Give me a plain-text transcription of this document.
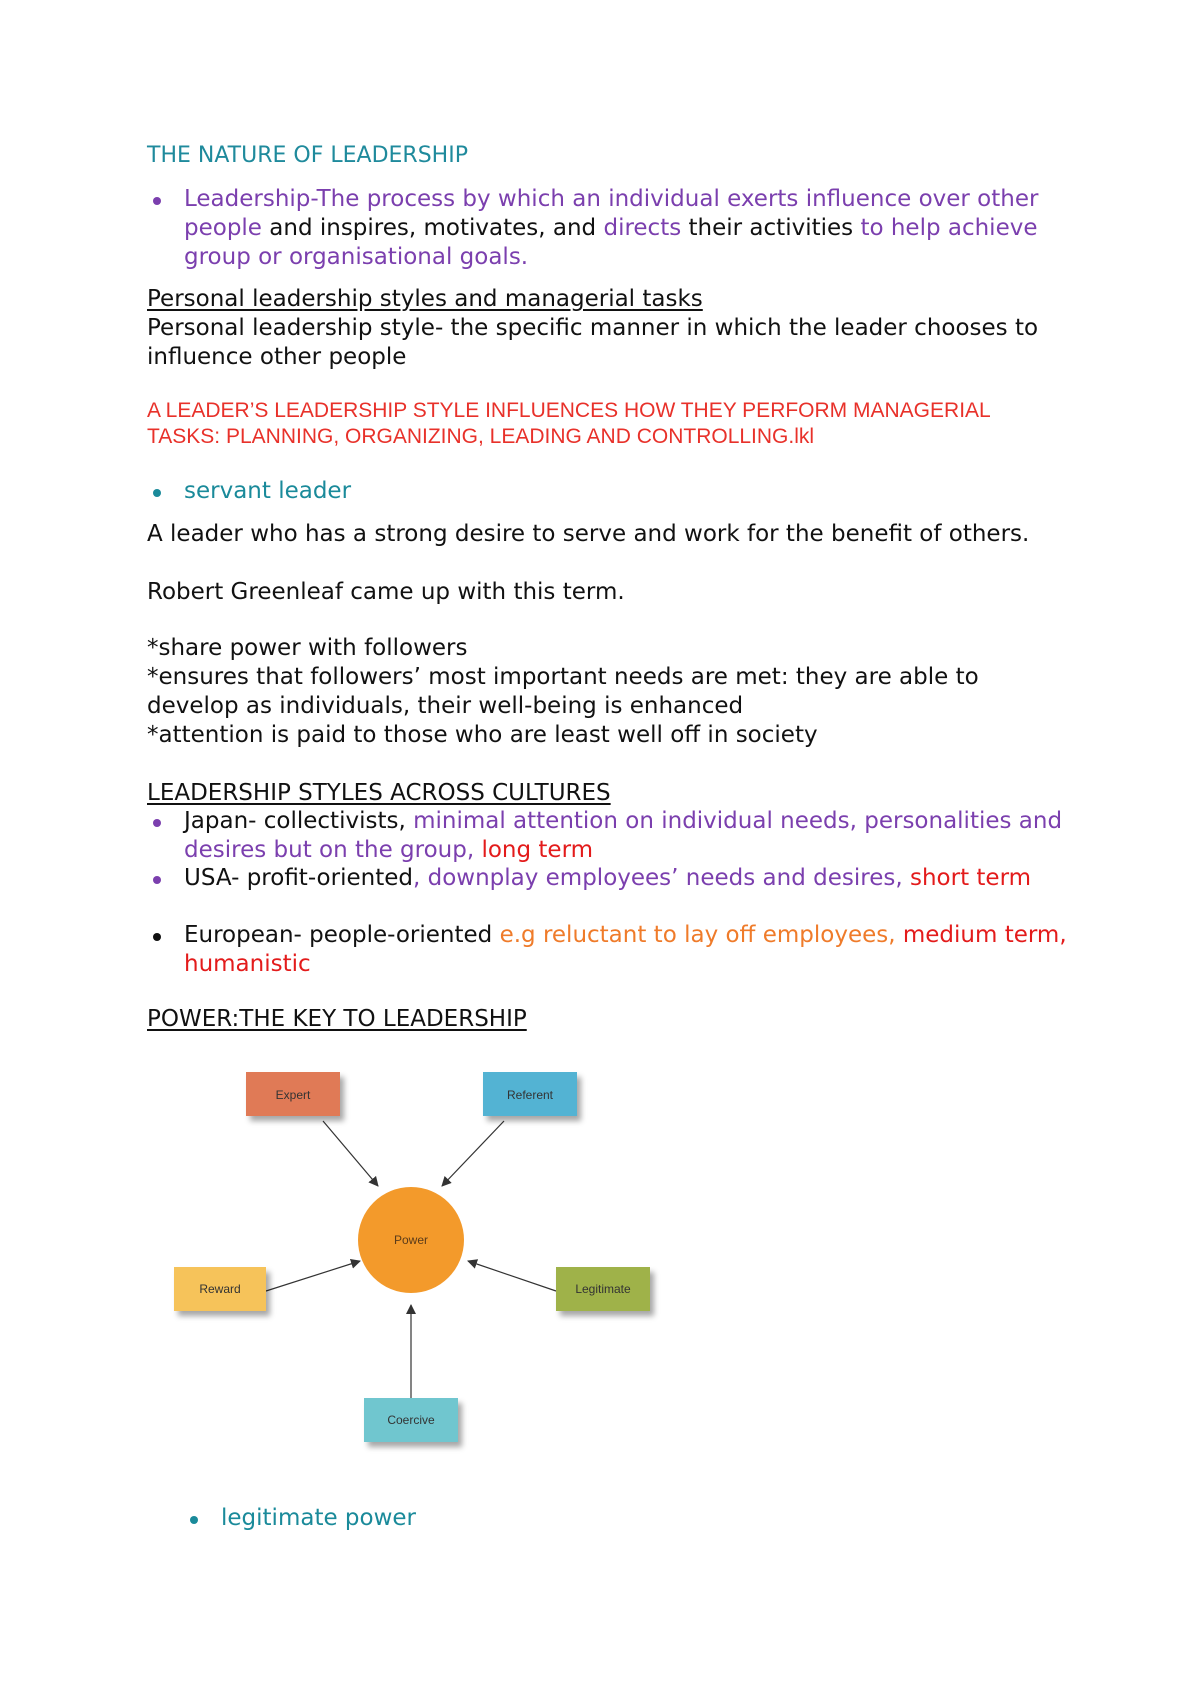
THE NATURE OF LEADERSHIP
Leadership-The process by which an individual exerts influence over other people and inspires, motivates, and directs their activities to help achieve group or organisational goals.
Personal leadership styles and managerial tasks
Personal leadership style- the specific manner in which the leader chooses to influence other people
A LEADER’S LEADERSHIP STYLE INFLUENCES HOW THEY PERFORM MANAGERIAL TASKS: PLANNING, ORGANIZING, LEADING AND CONTROLLING.lkl
servant leader
A leader who has a strong desire to serve and work for the benefit of others.
Robert Greenleaf came up with this term.
*share power with followers
*ensures that followers’ most important needs are met: they are able to develop as individuals, their well-being is enhanced
*attention is paid to those who are least well off in society
LEADERSHIP STYLES ACROSS CULTURES
Japan- collectivists, minimal attention on individual needs, personalities and desires but on the group, long term
USA- profit-oriented, downplay employees’ needs and desires, short term
European- people-oriented e.g reluctant to lay off employees, medium term, humanistic
POWER:THE KEY TO LEADERSHIP
Expert	Referent
Power
Reward	Legitimate
Coercive
legitimate power
